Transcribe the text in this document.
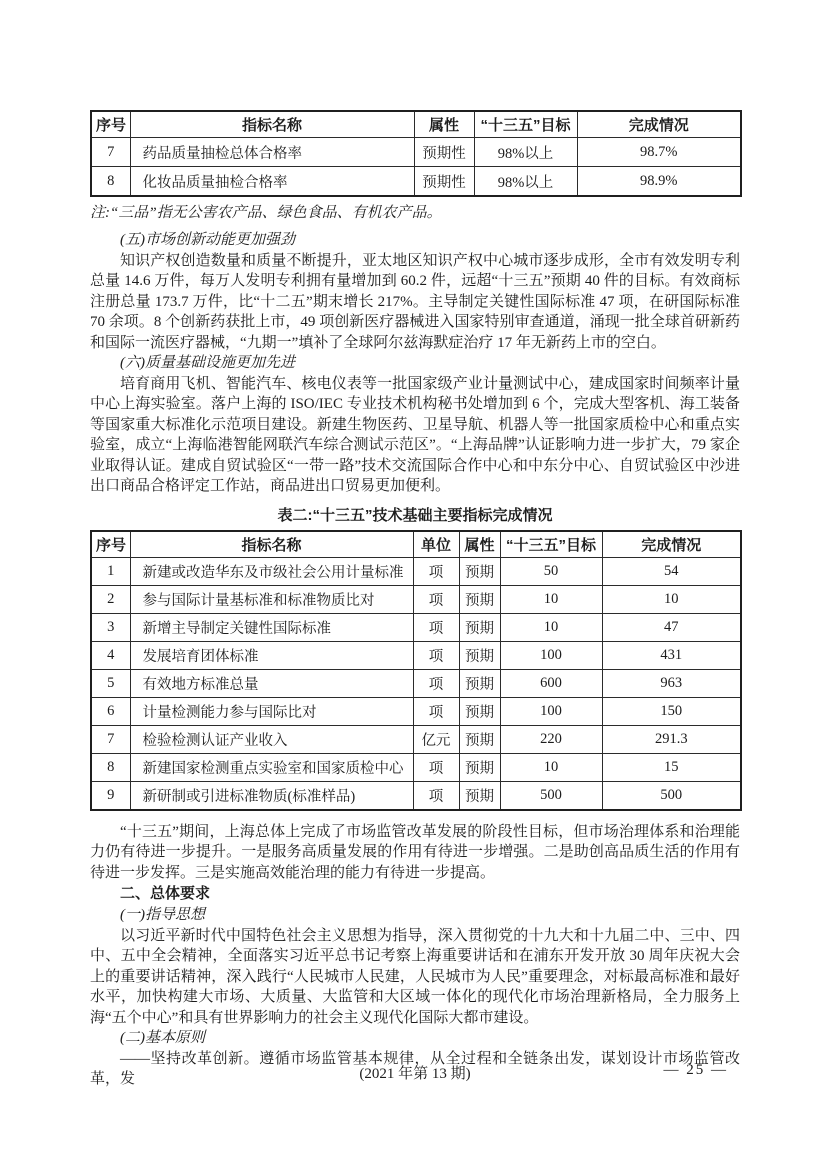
序号	指标名称	属性	“十三五”目标	完成情况
7	药品质量抽检总体合格率	预期性	98%以上	98.7%
8	化妆品质量抽检合格率	预期性	98%以上	98.9%

注:“三品”指无公害农产品、绿色食品、有机农产品。

(五)市场创新动能更加强劲

知识产权创造数量和质量不断提升，亚太地区知识产权中心城市逐步成形，全市有效发明专利总量 14.6 万件，每万人发明专利拥有量增加到 60.2 件，远超“十三五”预期 40 件的目标。有效商标注册总量 173.7 万件，比“十二五”期末增长 217%。主导制定关键性国际标准 47 项，在研国际标准 70 余项。8 个创新药获批上市，49 项创新医疗器械进入国家特别审查通道，涌现一批全球首研新药和国际一流医疗器械，“九期一”填补了全球阿尔兹海默症治疗 17 年无新药上市的空白。

(六)质量基础设施更加先进

培育商用飞机、智能汽车、核电仪表等一批国家级产业计量测试中心，建成国家时间频率计量中心上海实验室。落户上海的 ISO/IEC 专业技术机构秘书处增加到 6 个，完成大型客机、海工装备等国家重大标准化示范项目建设。新建生物医药、卫星导航、机器人等一批国家质检中心和重点实验室，成立“上海临港智能网联汽车综合测试示范区”。“上海品牌”认证影响力进一步扩大，79 家企业取得认证。建成自贸试验区“一带一路”技术交流国际合作中心和中东分中心、自贸试验区中沙进出口商品合格评定工作站，商品进出口贸易更加便利。

表二:“十三五”技术基础主要指标完成情况
序号	指标名称	单位	属性	“十三五”目标	完成情况
1	新建或改造华东及市级社会公用计量标准	项	预期	50	54
2	参与国际计量基标准和标准物质比对	项	预期	10	10
3	新增主导制定关键性国际标准	项	预期	10	47
4	发展培育团体标准	项	预期	100	431
5	有效地方标准总量	项	预期	600	963
6	计量检测能力参与国际比对	项	预期	100	150
7	检验检测认证产业收入	亿元	预期	220	291.3
8	新建国家检测重点实验室和国家质检中心	项	预期	10	15
9	新研制或引进标准物质(标准样品)	项	预期	500	500

“十三五”期间，上海总体上完成了市场监管改革发展的阶段性目标，但市场治理体系和治理能力仍有待进一步提升。一是服务高质量发展的作用有待进一步增强。二是助创高品质生活的作用有待进一步发挥。三是实施高效能治理的能力有待进一步提高。

二、总体要求

(一)指导思想

以习近平新时代中国特色社会主义思想为指导，深入贯彻党的十九大和十九届二中、三中、四中、五中全会精神，全面落实习近平总书记考察上海重要讲话和在浦东开发开放 30 周年庆祝大会上的重要讲话精神，深入践行“人民城市人民建，人民城市为人民”重要理念，对标最高标准和最好水平，加快构建大市场、大质量、大监管和大区域一体化的现代化市场治理新格局，全力服务上海“五个中心”和具有世界影响力的社会主义现代化国际大都市建设。

(二)基本原则

——坚持改革创新。遵循市场监管基本规律，从全过程和全链条出发，谋划设计市场监管改革，发	(2021 年第 13 期)	— 25 —
